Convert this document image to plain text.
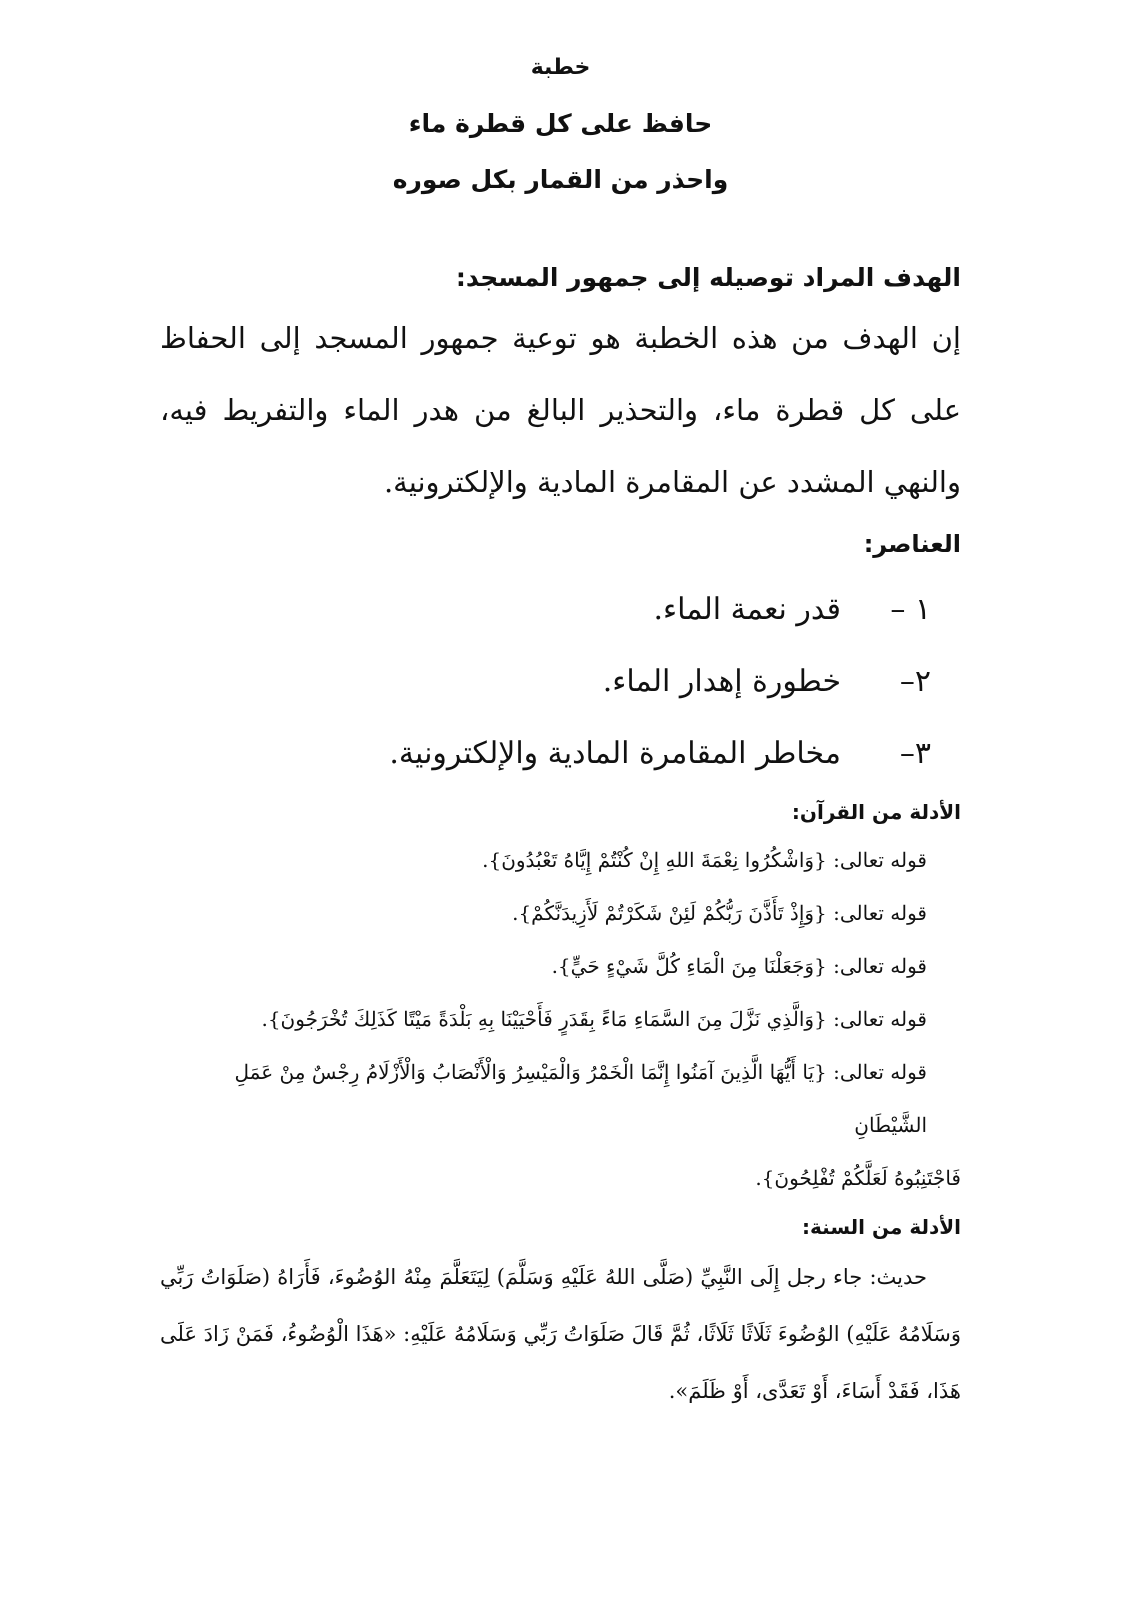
خطبة

حافظ على كل قطرة ماء

واحذر من القمار بكل صوره

الهدف المراد توصيله إلى جمهور المسجد:

إن الهدف من هذه الخطبة هو توعية جمهور المسجد إلى الحفاظ على كل قطرة ماء، والتحذير البالغ من هدر الماء والتفريط فيه، والنهي المشدد عن المقامرة المادية والإلكترونية.

العناصر:

١ –
قدر نعمة الماء.
٢–
خطورة إهدار الماء.
٣–
مخاطر المقامرة المادية والإلكترونية.

الأدلة من القرآن:

قوله تعالى: {وَاشْكُرُوا نِعْمَةَ اللهِ إِنْ كُنْتُمْ إِيَّاهُ تَعْبُدُونَ}.

قوله تعالى: {وَإِذْ تَأَذَّنَ رَبُّكُمْ لَئِنْ شَكَرْتُمْ لَأَزِيدَنَّكُمْ}.

قوله تعالى: {وَجَعَلْنَا مِنَ الْمَاءِ كُلَّ شَيْءٍ حَيٍّ}.

قوله تعالى: {وَالَّذِي نَزَّلَ مِنَ السَّمَاءِ مَاءً بِقَدَرٍ فَأَحْيَيْنَا بِهِ بَلْدَةً مَيْتًا كَذَلِكَ تُخْرَجُونَ}.

قوله تعالى: {يَا أَيُّهَا الَّذِينَ آمَنُوا إِنَّمَا الْخَمْرُ وَالْمَيْسِرُ وَالْأَنْصَابُ وَالْأَزْلَامُ رِجْسٌ مِنْ عَمَلِ الشَّيْطَانِ

فَاجْتَنِبُوهُ لَعَلَّكُمْ تُفْلِحُونَ}.

الأدلة من السنة:

حديث: جاء رجل إِلَى النَّبِيِّ (صَلَّى اللهُ عَلَيْهِ وَسَلَّمَ) لِيَتَعَلَّمَ مِنْهُ الوُضُوءَ، فَأَرَاهُ (صَلَوَاتُ رَبِّي وَسَلَامُهُ عَلَيْهِ) الوُضُوءَ ثَلَاثًا ثَلَاثًا، ثُمَّ قَالَ صَلَوَاتُ رَبِّي وَسَلَامُهُ عَلَيْهِ: «هَذَا الْوُضُوءُ، فَمَنْ زَادَ عَلَى هَذَا، فَقَدْ أَسَاءَ، أَوْ تَعَدَّى، أَوْ ظَلَمَ».
